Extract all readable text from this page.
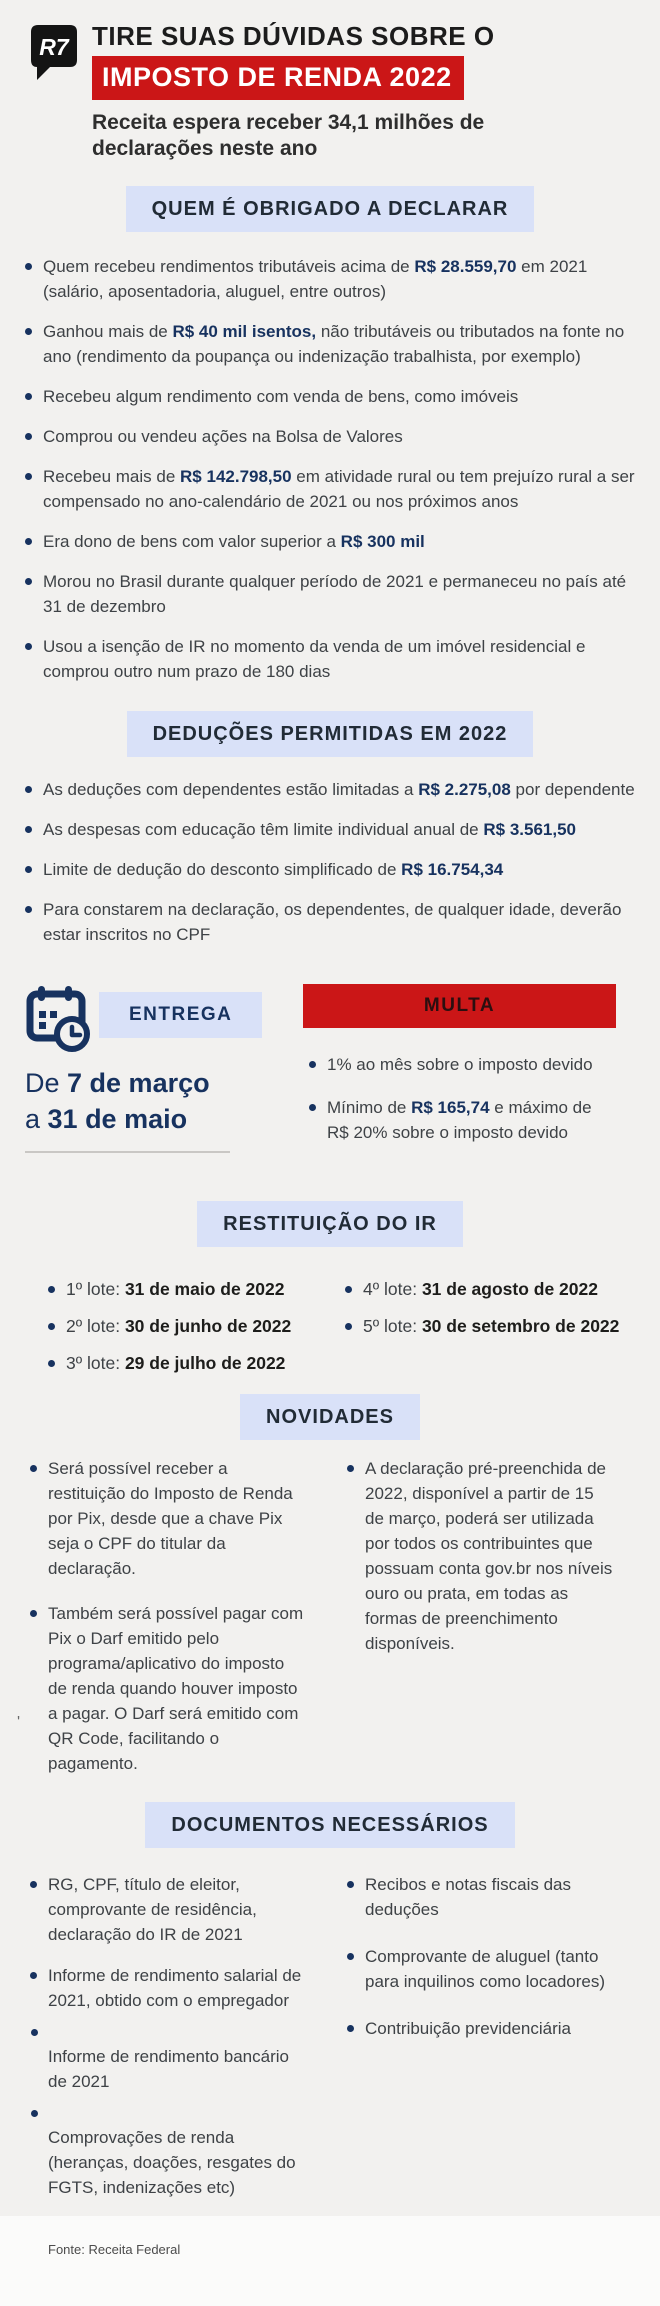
R7 TIRE SUAS DÚVIDAS SOBRE O
IMPOSTO DE RENDA 2022
Receita espera receber 34,1 milhões de declarações neste ano
QUEM É OBRIGADO A DECLARAR
Quem recebeu rendimentos tributáveis acima de R$ 28.559,70 em 2021 (salário, aposentadoria, aluguel, entre outros)
Ganhou mais de R$ 40 mil isentos, não tributáveis ou tributados na fonte no ano (rendimento da poupança ou indenização trabalhista, por exemplo)
Recebeu algum rendimento com venda de bens, como imóveis
Comprou ou vendeu ações na Bolsa de Valores
Recebeu mais de R$ 142.798,50 em atividade rural ou tem prejuízo rural a ser compensado no ano-calendário de 2021 ou nos próximos anos
Era dono de bens com valor superior a R$ 300 mil
Morou no Brasil durante qualquer período de 2021 e permaneceu no país até 31 de dezembro
Usou a isenção de IR no momento da venda de um imóvel residencial e comprou outro num prazo de 180 dias
DEDUÇÕES PERMITIDAS EM 2022
As deduções com dependentes estão limitadas a R$ 2.275,08 por dependente
As despesas com educação têm limite individual anual de R$ 3.561,50
Limite de dedução do desconto simplificado de R$ 16.754,34
Para constarem na declaração, os dependentes, de qualquer idade, deverão estar inscritos no CPF
ENTREGA
De 7 de março
a 31 de maio
MULTA
1% ao mês sobre o imposto devido
Mínimo de R$ 165,74 e máximo de R$ 20% sobre o imposto devido
RESTITUIÇÃO DO IR
1º lote: 31 de maio de 2022
2º lote: 30 de junho de 2022
3º lote: 29 de julho de 2022
4º lote: 31 de agosto de 2022
5º lote: 30 de setembro de 2022
NOVIDADES
Será possível receber a restituição do Imposto de Renda por Pix, desde que a chave Pix seja o CPF do titular da declaração.
Também será possível pagar com Pix o Darf emitido pelo programa/aplicativo do imposto de renda quando houver imposto a pagar. O Darf será emitido com QR Code, facilitando o pagamento.
'
A declaração pré-preenchida de 2022, disponível a partir de 15 de março, poderá ser utilizada por todos os contribuintes que possuam conta gov.br nos níveis ouro ou prata, em todas as formas de preenchimento disponíveis.
DOCUMENTOS NECESSÁRIOS
RG, CPF, título de eleitor, comprovante de residência, declaração do IR de 2021
Informe de rendimento salarial de 2021, obtido com o empregador
Informe de rendimento bancário de 2021
Comprovações de renda (heranças, doações, resgates do FGTS, indenizações etc)
Recibos e notas fiscais das deduções
Comprovante de aluguel (tanto para inquilinos como locadores)
Contribuição previdenciária
Fonte: Receita Federal
